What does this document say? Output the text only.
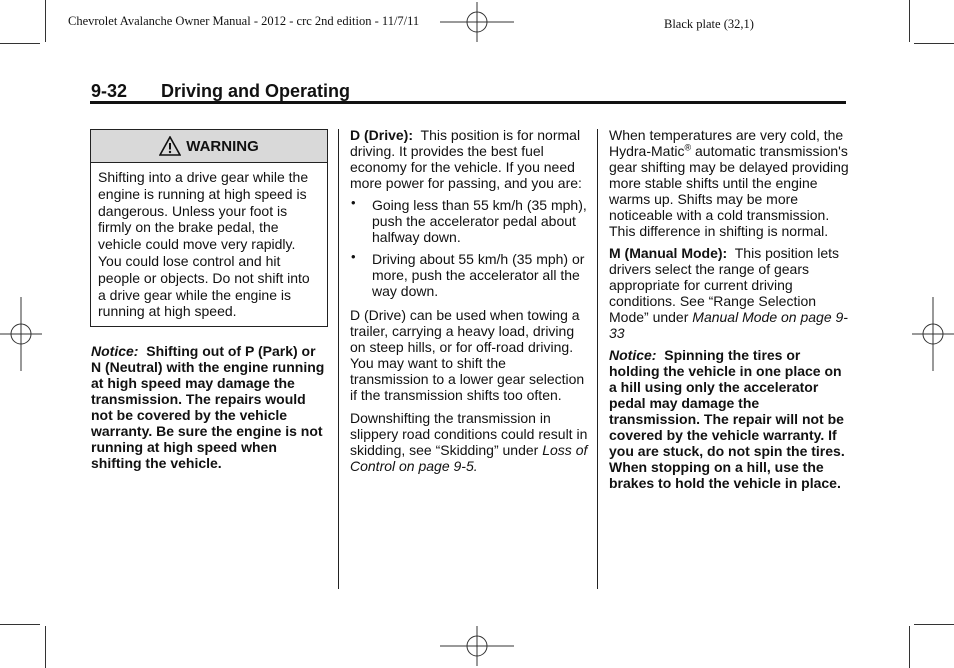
Chevrolet Avalanche Owner Manual - 2012 - crc 2nd edition - 11/7/11	Black plate (32,1)
9-32 Driving and Operating
WARNING
Shifting into a drive gear while the engine is running at high speed is dangerous. Unless your foot is firmly on the brake pedal, the vehicle could move very rapidly. You could lose control and hit people or objects. Do not shift into a drive gear while the engine is running at high speed.

Notice: Shifting out of P (Park) or N (Neutral) with the engine running at high speed may damage the transmission. The repairs would not be covered by the vehicle warranty. Be sure the engine is not running at high speed when shifting the vehicle.

D (Drive): This position is for normal driving. It provides the best fuel economy for the vehicle. If you need more power for passing, and you are:

• Going less than 55 km/h (35 mph), push the accelerator pedal about halfway down.
• Driving about 55 km/h (35 mph) or more, push the accelerator all the way down.

D (Drive) can be used when towing a trailer, carrying a heavy load, driving on steep hills, or for off-road driving. You may want to shift the transmission to a lower gear selection if the transmission shifts too often.

Downshifting the transmission in slippery road conditions could result in skidding, see “Skidding” under Loss of Control on page 9-5.

When temperatures are very cold, the Hydra-Matic® automatic transmission's gear shifting may be delayed providing more stable shifts until the engine warms up. Shifts may be more noticeable with a cold transmission. This difference in shifting is normal.

M (Manual Mode): This position lets drivers select the range of gears appropriate for current driving conditions. See “Range Selection Mode” under Manual Mode on page 9-33

Notice: Spinning the tires or holding the vehicle in one place on a hill using only the accelerator pedal may damage the transmission. The repair will not be covered by the vehicle warranty. If you are stuck, do not spin the tires. When stopping on a hill, use the brakes to hold the vehicle in place.
